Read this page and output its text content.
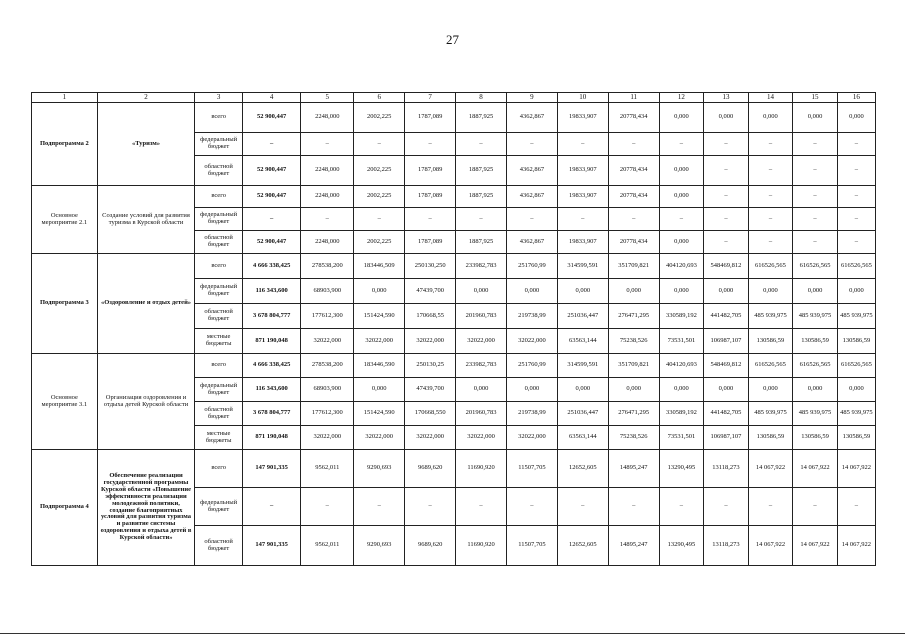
27
1	2	3	4	5	6	7	8	9	10	11	12	13	14	15	16
Подпрограмма 2	«Туризм»	всего	52 900,447	2248,000	2002,225	1787,089	1887,925	4362,867	19833,907	20778,434	0,000	0,000	0,000	0,000	0,000
		федеральный бюджет	–	–	–	–	–	–	–	–	–	–	–	–	–
		областной бюджет	52 900,447	2248,000	2002,225	1787,089	1887,925	4362,867	19833,907	20778,434	0,000	–	–	–	–
Основное мероприятие 2.1	Создание условий для развития туризма в Курской области	всего	52 900,447	2248,000	2002,225	1787,089	1887,925	4362,867	19833,907	20778,434	0,000	–	–	–	–
		федеральный бюджет	–	–	–	–	–	–	–	–	–	–	–	–	–
		областной бюджет	52 900,447	2248,000	2002,225	1787,089	1887,925	4362,867	19833,907	20778,434	0,000	–	–	–	–
Подпрограмма 3	«Оздоровление и отдых детей»	всего	4 666 338,425	278538,200	183446,509	250130,250	233982,783	251760,99	314599,591	351709,821	404120,693	548469,812	616526,565	616526,565	616526,565
		федеральный бюджет	116 343,600	68903,900	0,000	47439,700	0,000	0,000	0,000	0,000	0,000	0,000	0,000	0,000	0,000
		областной бюджет	3 678 804,777	177612,300	151424,590	170668,55	201960,783	219738,99	251036,447	276471,295	330589,192	441482,705	485 939,975	485 939,975	485 939,975
		местные бюджеты	871 190,048	32022,000	32022,000	32022,000	32022,000	32022,000	63563,144	75238,526	73531,501	106987,107	130586,59	130586,59	130586,59
Основное мероприятие 3.1	Организация оздоровления и отдыха детей Курской области	всего	4 666 338,425	278538,200	183446,590	250130,25	233982,783	251760,99	314599,591	351709,821	404120,693	548469,812	616526,565	616526,565	616526,565
		федеральный бюджет	116 343,600	68903,900	0,000	47439,700	0,000	0,000	0,000	0,000	0,000	0,000	0,000	0,000	0,000
		областной бюджет	3 678 804,777	177612,300	151424,590	170668,550	201960,783	219738,99	251036,447	276471,295	330589,192	441482,705	485 939,975	485 939,975	485 939,975
		местные бюджеты	871 190,048	32022,000	32022,000	32022,000	32022,000	32022,000	63563,144	75238,526	73531,501	106987,107	130586,59	130586,59	130586,59
Подпрограмма 4	Обеспечение реализации государственной программы Курской области «Повышение эффективности реализации молодежной политики, создание благоприятных условий для развития туризма и развитие системы оздоровления и отдыха детей в Курской области»	всего	147 901,335	9562,011	9290,693	9689,620	11690,920	11507,705	12652,605	14895,247	13290,495	13118,273	14 067,922	14 067,922	14 067,922
		федеральный бюджет	–	–	–	–	–	–	–	–	–	–	–	–	–
		областной бюджет	147 901,335	9562,011	9290,693	9689,620	11690,920	11507,705	12652,605	14895,247	13290,495	13118,273	14 067,922	14 067,922	14 067,922
